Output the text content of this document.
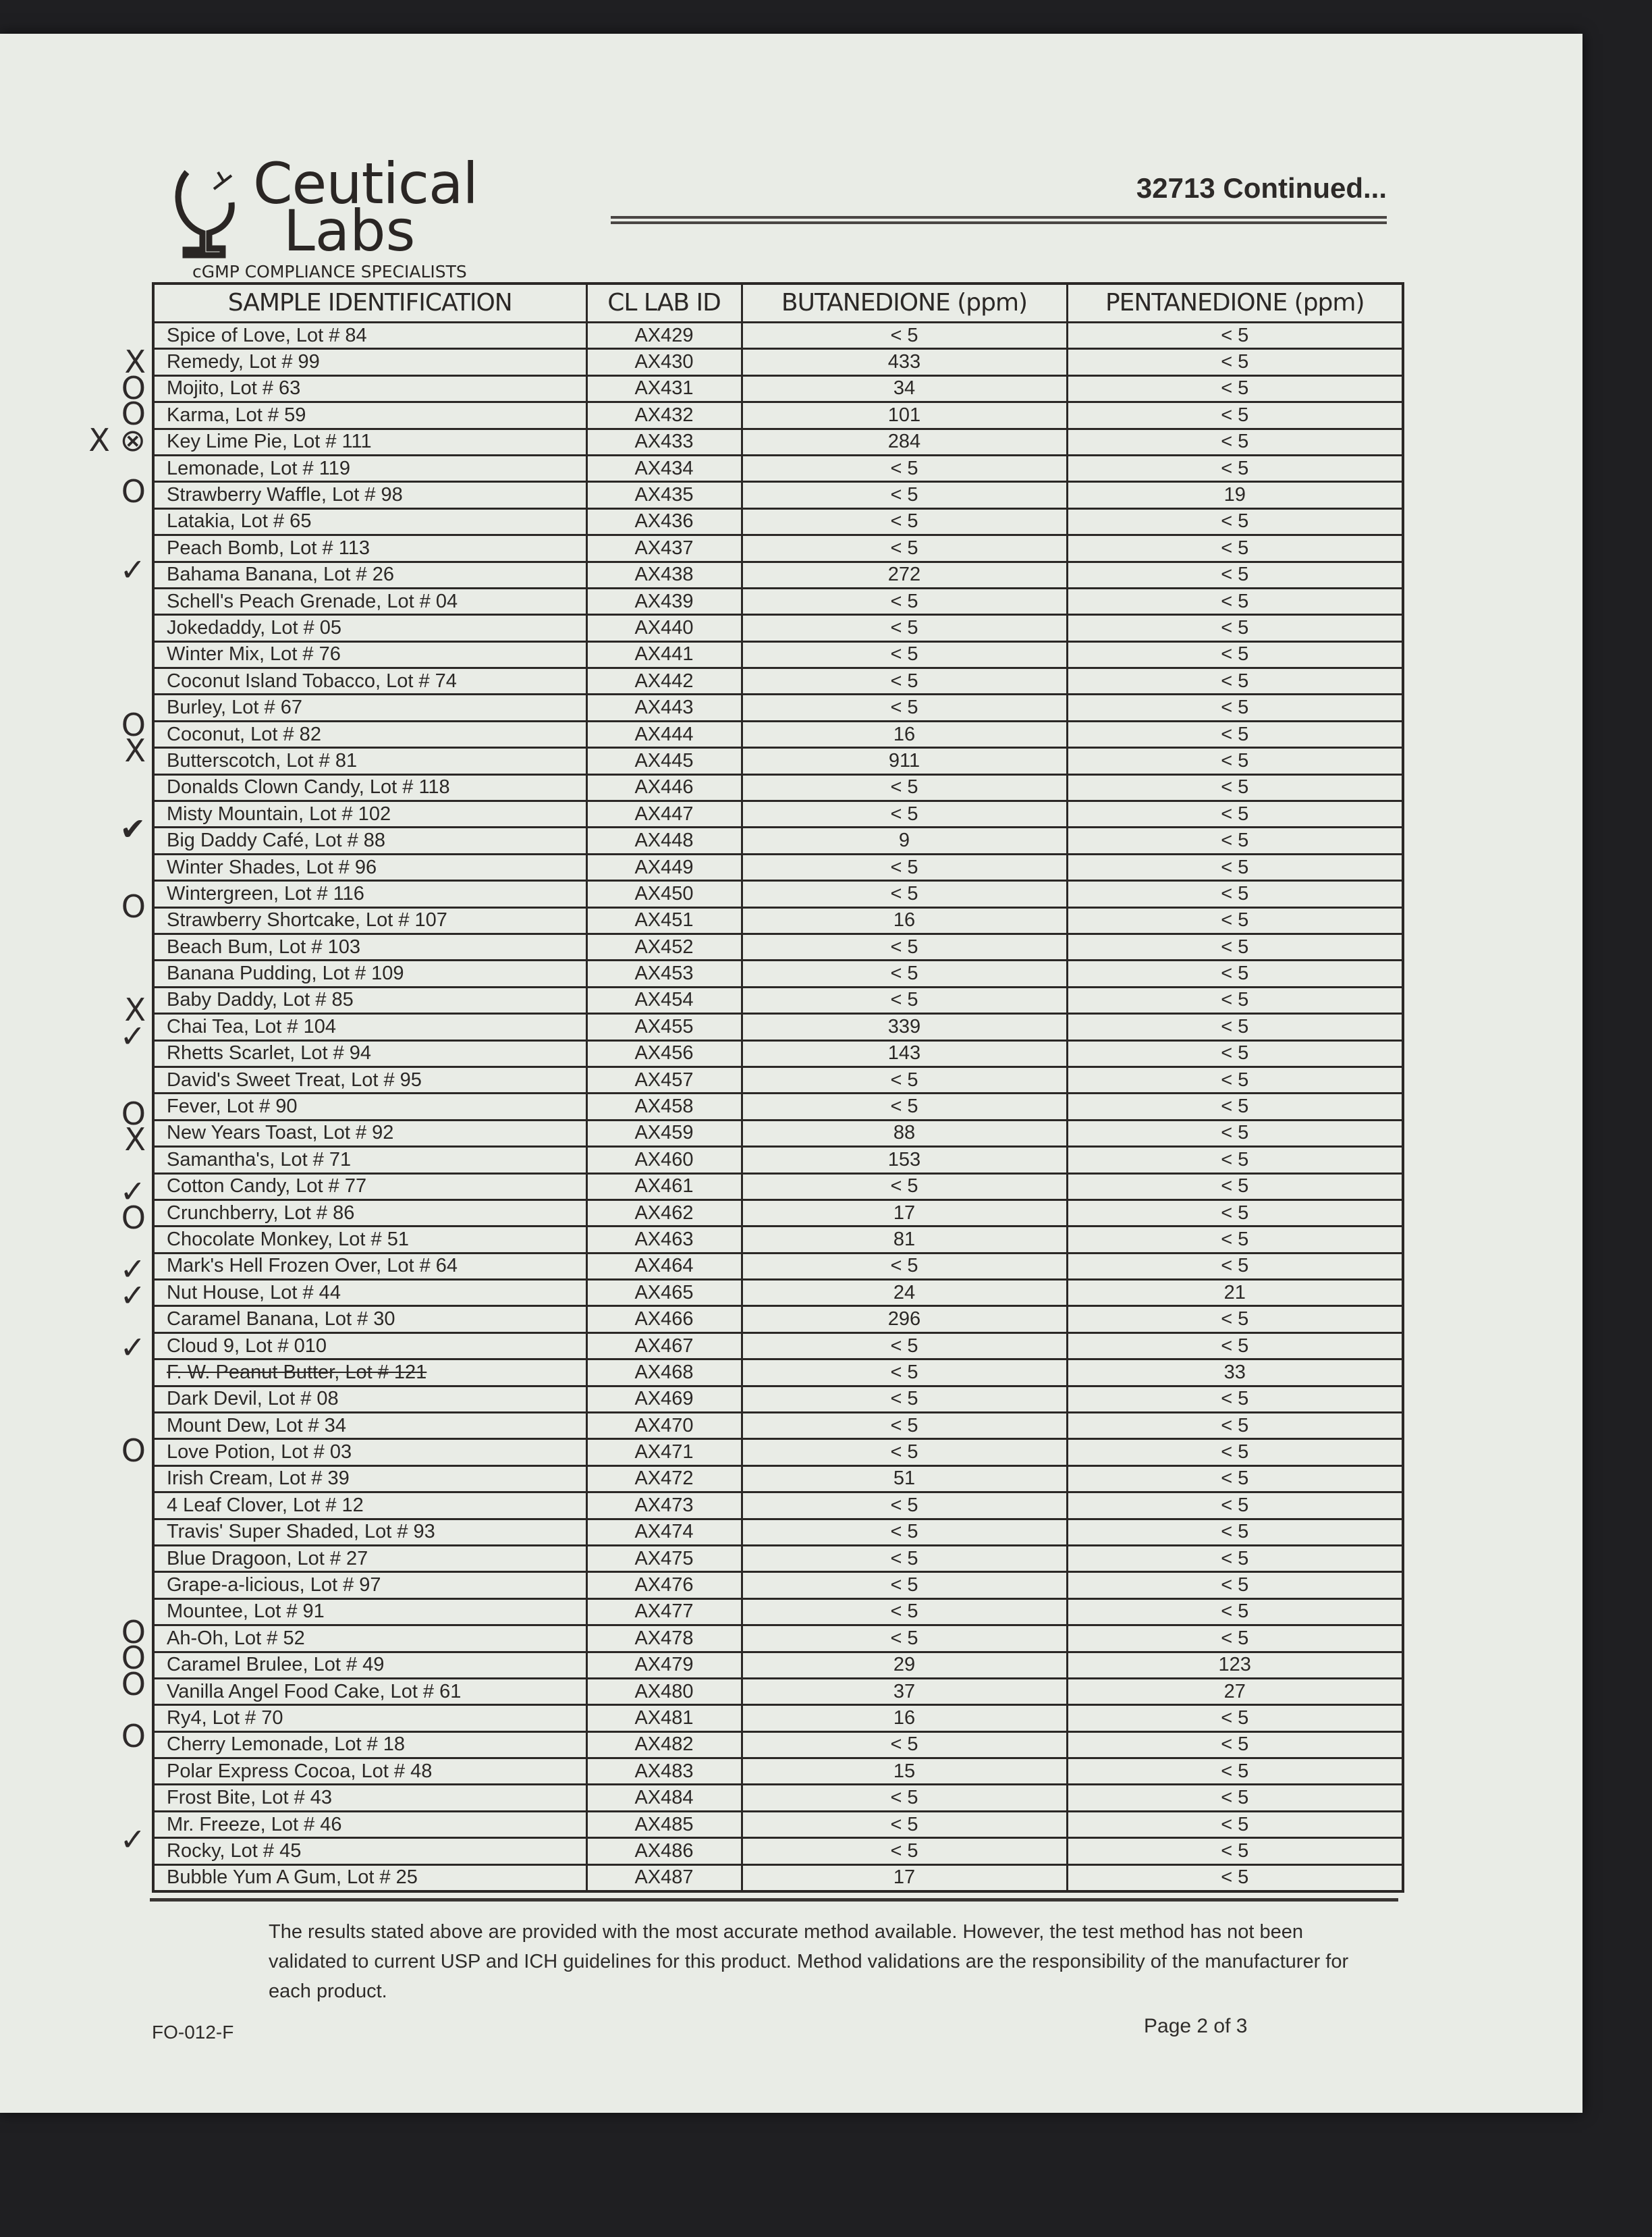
Ceutical
Labs
cGMP COMPLIANCE SPECIALISTS
32713 Continued...
SAMPLE IDENTIFICATION	CL LAB ID	BUTANEDIONE (ppm)	PENTANEDIONE (ppm)
Spice of Love, Lot # 84	AX429	< 5	< 5
Remedy, Lot # 99	AX430	433	< 5
Mojito, Lot # 63	AX431	34	< 5
Karma, Lot # 59	AX432	101	< 5
Key Lime Pie, Lot # 111	AX433	284	< 5
Lemonade, Lot # 119	AX434	< 5	< 5
Strawberry Waffle, Lot # 98	AX435	< 5	19
Latakia, Lot # 65	AX436	< 5	< 5
Peach Bomb, Lot # 113	AX437	< 5	< 5
Bahama Banana, Lot # 26	AX438	272	< 5
Schell's Peach Grenade, Lot # 04	AX439	< 5	< 5
Jokedaddy, Lot # 05	AX440	< 5	< 5
Winter Mix, Lot # 76	AX441	< 5	< 5
Coconut Island Tobacco, Lot # 74	AX442	< 5	< 5
Burley, Lot # 67	AX443	< 5	< 5
Coconut, Lot # 82	AX444	16	< 5
Butterscotch, Lot # 81	AX445	911	< 5
Donalds Clown Candy, Lot # 118	AX446	< 5	< 5
Misty Mountain, Lot # 102	AX447	< 5	< 5
Big Daddy Café, Lot # 88	AX448	9	< 5
Winter Shades, Lot # 96	AX449	< 5	< 5
Wintergreen, Lot # 116	AX450	< 5	< 5
Strawberry Shortcake, Lot # 107	AX451	16	< 5
Beach Bum, Lot # 103	AX452	< 5	< 5
Banana Pudding, Lot # 109	AX453	< 5	< 5
Baby Daddy, Lot # 85	AX454	< 5	< 5
Chai Tea, Lot # 104	AX455	339	< 5
Rhetts Scarlet, Lot # 94	AX456	143	< 5
David's Sweet Treat, Lot # 95	AX457	< 5	< 5
Fever, Lot # 90	AX458	< 5	< 5
New Years Toast, Lot # 92	AX459	88	< 5
Samantha's, Lot # 71	AX460	153	< 5
Cotton Candy, Lot # 77	AX461	< 5	< 5
Crunchberry, Lot # 86	AX462	17	< 5
Chocolate Monkey, Lot # 51	AX463	81	< 5
Mark's Hell Frozen Over, Lot # 64	AX464	< 5	< 5
Nut House, Lot # 44	AX465	24	21
Caramel Banana, Lot # 30	AX466	296	< 5
Cloud 9, Lot # 010	AX467	< 5	< 5
F. W. Peanut Butter, Lot # 121	AX468	< 5	33
Dark Devil, Lot # 08	AX469	< 5	< 5
Mount Dew, Lot # 34	AX470	< 5	< 5
Love Potion, Lot # 03	AX471	< 5	< 5
Irish Cream, Lot # 39	AX472	51	< 5
4 Leaf Clover, Lot # 12	AX473	< 5	< 5
Travis' Super Shaded, Lot # 93	AX474	< 5	< 5
Blue Dragoon, Lot # 27	AX475	< 5	< 5
Grape-a-licious, Lot # 97	AX476	< 5	< 5
Mountee, Lot # 91	AX477	< 5	< 5
Ah-Oh, Lot # 52	AX478	< 5	< 5
Caramel Brulee, Lot # 49	AX479	29	123
Vanilla Angel Food Cake, Lot # 61	AX480	37	27
Ry4, Lot # 70	AX481	16	< 5
Cherry Lemonade, Lot # 18	AX482	< 5	< 5
Polar Express Cocoa, Lot # 48	AX483	15	< 5
Frost Bite, Lot # 43	AX484	< 5	< 5
Mr. Freeze, Lot # 46	AX485	< 5	< 5
Rocky, Lot # 45	AX486	< 5	< 5
Bubble Yum A Gum, Lot # 25	AX487	17	< 5
X
O
O
X ⊗
O
✓
O
X
✔
O
X
✓
O
X
✓
O
✓
✓
✓
O
O
O
O
O
✓
The results stated above are provided with the most accurate method available. However, the test method has not been validated to current USP and ICH guidelines for this product. Method validations are the responsibility of the manufacturer for each product.
FO-012-F	Page 2 of 3
